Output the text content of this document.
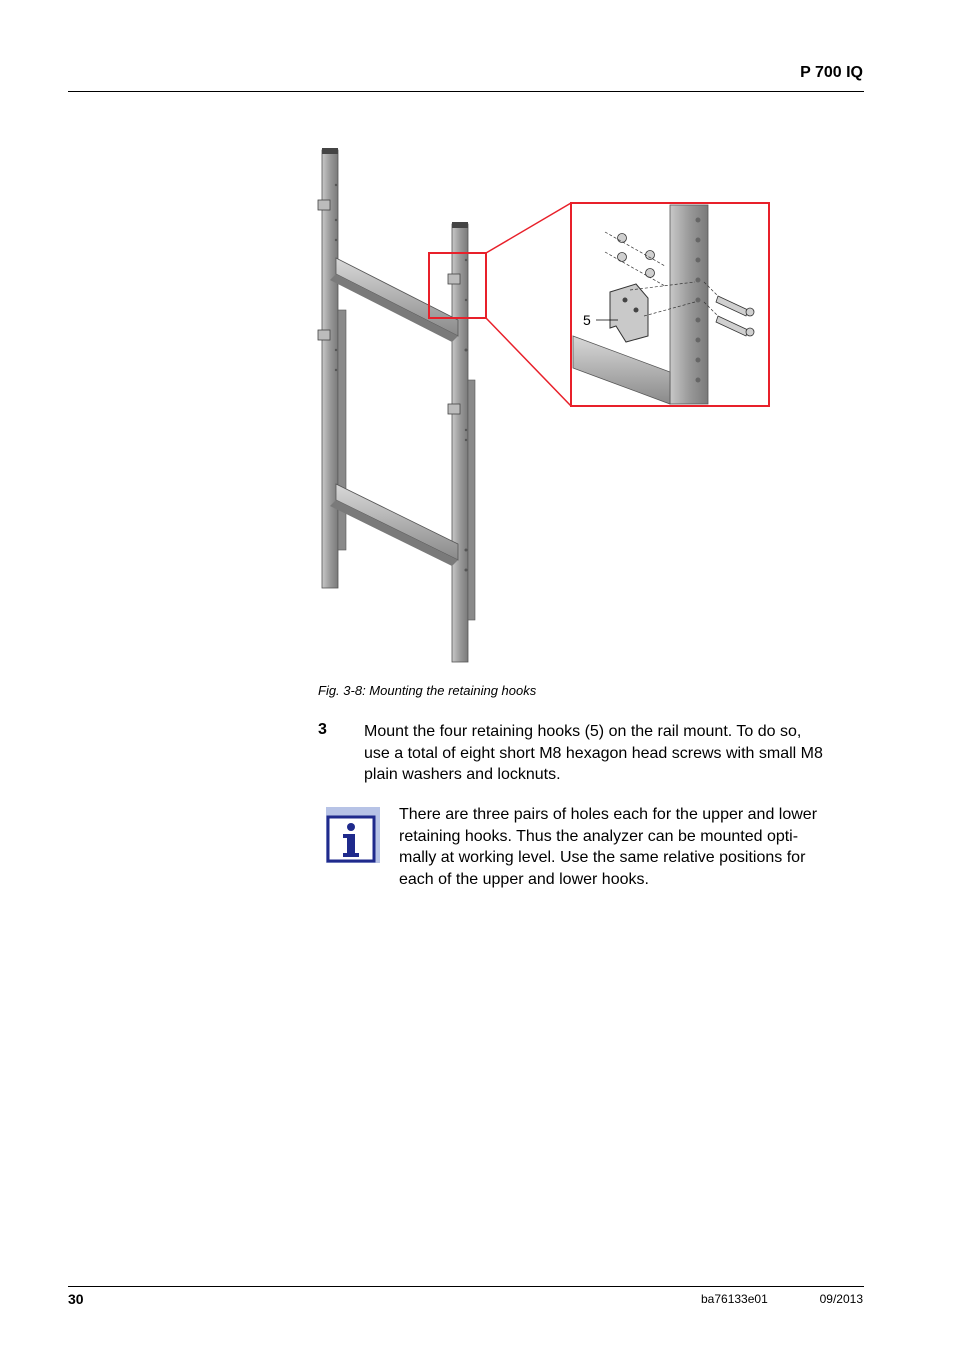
P 700 IQ
5
Fig. 3-8: Mounting the retaining hooks
3 Mount the four retaining hooks (5) on the rail mount. To do so,
use a total of eight short M8 hexagon head screws with small M8
plain washers and locknuts.

There are three pairs of holes each for the upper and lower
retaining hooks. Thus the analyzer can be mounted opti-
mally at working level. Use the same relative positions for
each of the upper and lower hooks.

30	ba76133e01	09/2013
